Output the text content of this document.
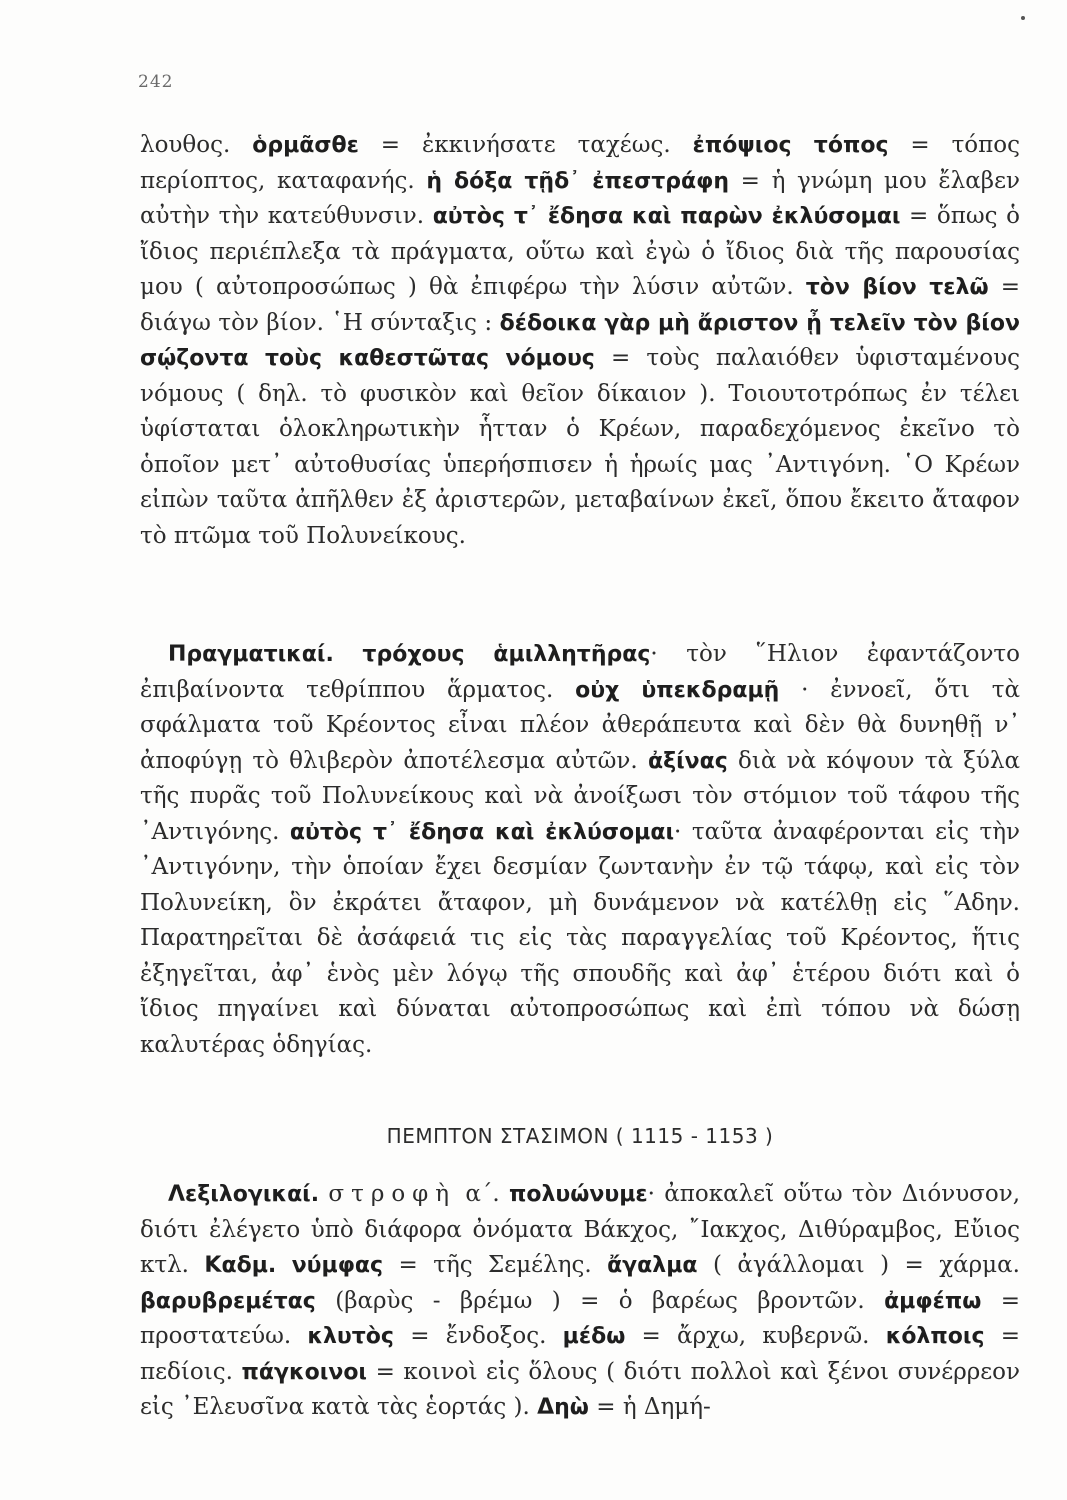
242

λουθος. ὁρμᾶσθε = ἐκκινήσατε ταχέως. ἐπόψιος τόπος = τόπος περίοπτος, καταφανής. ἡ δόξα τῇδ᾽ ἐπεστράφη = ἡ γνώμη μου ἔλαβεν αὐτὴν τὴν κατεύθυνσιν. αὐτὸς τ᾽ ἔδησα καὶ παρὼν ἐκλύσομαι = ὅπως ὁ ἴδιος περιέπλεξα τὰ πράγματα, οὕτω καὶ ἐγὼ ὁ ἴδιος διὰ τῆς παρουσίας μου ( αὐτοπροσώπως ) θὰ ἐπιφέρω τὴν λύσιν αὐτῶν. τὸν βίον τελῶ = διάγω τὸν βίον. ῾Η σύνταξις : δέδοικα γὰρ μὴ ἄριστον ᾖ τελεῖν τὸν βίον σῴζοντα τοὺς καθεστῶτας νόμους = τοὺς παλαιόθεν ὑφισταμένους νόμους ( δηλ. τὸ φυσικὸν καὶ θεῖον δίκαιον ). Τοιουτοτρόπως ἐν τέλει ὑφίσταται ὁλοκληρωτικὴν ἧτταν ὁ Κρέων, παραδεχόμενος ἐκεῖνο τὸ ὁποῖον μετ᾽ αὐτοθυσίας ὑπερήσπισεν ἡ ἡρωίς μας ᾿Αντιγόνη. ῾Ο Κρέων εἰπὼν ταῦτα ἀπῆλθεν ἐξ ἀριστερῶν, μεταβαίνων ἐκεῖ, ὅπου ἔκειτο ἄταφον τὸ πτῶμα τοῦ Πολυνείκους.

Πραγματικαί. τρόχους ἁμιλλητῆρας· τὸν ῞Ηλιον ἐφαντάζοντο ἐπιβαίνοντα τεθρίππου ἅρματος. οὐχ ὑπεκδραμῇ · ἐννοεῖ, ὅτι τὰ σφάλματα τοῦ Κρέοντος εἶναι πλέον ἀθεράπευτα καὶ δὲν θὰ δυνηθῇ ν᾽ ἀποφύγῃ τὸ θλιβερὸν ἀποτέλεσμα αὐτῶν. ἀξίνας διὰ νὰ κόψουν τὰ ξύλα τῆς πυρᾶς τοῦ Πολυνείκους καὶ νὰ ἀνοίξωσι τὸν στόμιον τοῦ τάφου τῆς ᾿Αντιγόνης. αὐτὸς τ᾽ ἔδησα καὶ ἐκλύσομαι· ταῦτα ἀναφέρονται εἰς τὴν ᾿Αντιγόνην, τὴν ὁποίαν ἔχει δεσμίαν ζωντανὴν ἐν τῷ τάφῳ, καὶ εἰς τὸν Πολυνείκη, ὃν ἐκράτει ἄταφον, μὴ δυνάμενον νὰ κατέλθῃ εἰς ῞Αδην. Παρατηρεῖται δὲ ἀσάφειά τις εἰς τὰς παραγγελίας τοῦ Κρέοντος, ἥτις ἐξηγεῖται, ἀφ᾽ ἑνὸς μὲν λόγῳ τῆς σπουδῆς καὶ ἀφ᾽ ἑτέρου διότι καὶ ὁ ἴδιος πηγαίνει καὶ δύναται αὐτοπροσώπως καὶ ἐπὶ τόπου νὰ δώσῃ καλυτέρας ὁδηγίας.

ΠΕΜΠΤΟΝ ΣΤΑΣΙΜΟΝ ( 1115 - 1153 )

Λεξιλογικαί. στροφὴ α΄. πολυώνυμε· ἀποκαλεῖ οὕτω τὸν Διόνυσον, διότι ἐλέγετο ὑπὸ διάφορα ὀνόματα Βάκχος, ῎Ιακχος, Διθύραμβος, Εὔιος κτλ. Καδμ. νύμφας = τῆς Σεμέλης. ἄγαλμα ( ἀγάλλομαι ) = χάρμα. βαρυβρεμέτας (βαρὺς - βρέμω ) = ὁ βαρέως βροντῶν. ἀμφέπω = προστατεύω. κλυτὸς = ἔνδοξος. μέδω = ἄρχω, κυβερνῶ. κόλποις = πεδίοις. πάγκοινοι = κοινοὶ εἰς ὅλους ( διότι πολλοὶ καὶ ξένοι συνέρρεον εἰς ᾿Ελευσῖνα κατὰ τὰς ἑορτάς ). Δηὼ = ἡ Δημή-
